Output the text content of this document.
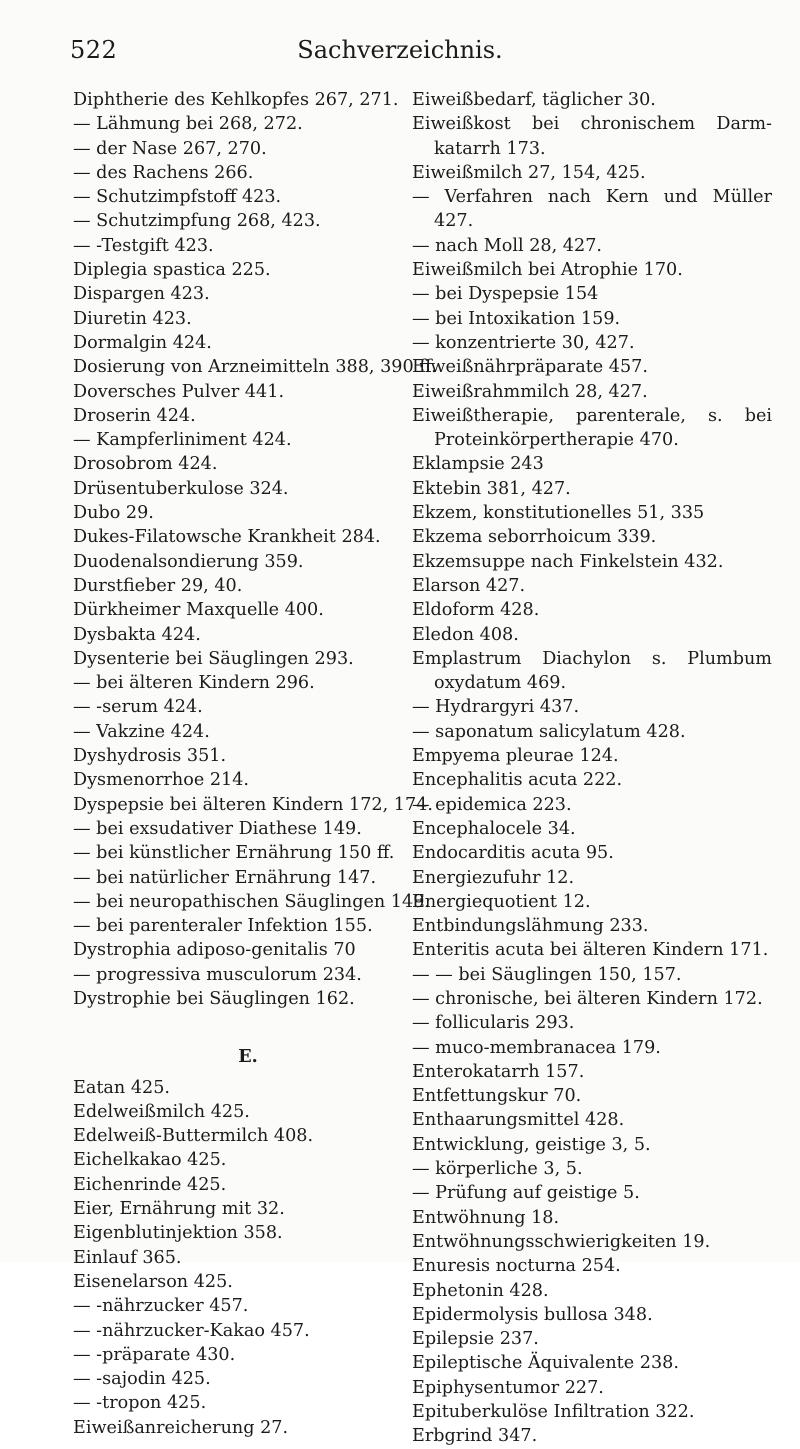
522	Sachverzeichnis.
Diphtherie des Kehlkopfes 267, 271.
— Lähmung bei 268, 272.
— der Nase 267, 270.
— des Rachens 266.
— Schutzimpfstoff 423.
— Schutzimpfung 268, 423.
— -Testgift 423.
Diplegia spastica 225.
Dispargen 423.
Diuretin 423.
Dormalgin 424.
Dosierung von Arzneimitteln 388, 390 ff.
Doversches Pulver 441.
Droserin 424.
— Kampferliniment 424.
Drosobrom 424.
Drüsentuberkulose 324.
Dubo 29.
Dukes-Filatowsche Krankheit 284.
Duodenalsondierung 359.
Durstfieber 29, 40.
Dürkheimer Maxquelle 400.
Dysbakta 424.
Dysenterie bei Säuglingen 293.
— bei älteren Kindern 296.
— -serum 424.
— Vakzine 424.
Dyshydrosis 351.
Dysmenorrhoe 214.
Dyspepsie bei älteren Kindern 172, 174.
— bei exsudativer Diathese 149.
— bei künstlicher Ernährung 150 ff.
— bei natürlicher Ernährung 147.
— bei neuropathischen Säuglingen 149.
— bei parenteraler Infektion 155.
Dystrophia adiposo-genitalis 70
— progressiva musculorum 234.
Dystrophie bei Säuglingen 162.
E.
Eatan 425.
Edelweißmilch 425.
Edelweiß-Buttermilch 408.
Eichelkakao 425.
Eichenrinde 425.
Eier, Ernährung mit 32.
Eigenblutinjektion 358.
Einlauf 365.
Eisenelarson 425.
— -nährzucker 457.
— -nährzucker-Kakao 457.
— -präparate 430.
— -sajodin 425.
— -tropon 425.
Eiweißanreicherung 27.
Eiweißbedarf, täglicher 30.
Eiweißkost bei chronischem Darm-
katarrh 173.
Eiweißmilch 27, 154, 425.
— Verfahren nach Kern und Müller
427.
— nach Moll 28, 427.
Eiweißmilch bei Atrophie 170.
— bei Dyspepsie 154
— bei Intoxikation 159.
— konzentrierte 30, 427.
Eiweißnährpräparate 457.
Eiweißrahmmilch 28, 427.
Eiweißtherapie, parenterale, s. bei
Proteinkörpertherapie 470.
Eklampsie 243
Ektebin 381, 427.
Ekzem, konstitutionelles 51, 335
Ekzema seborrhoicum 339.
Ekzemsuppe nach Finkelstein 432.
Elarson 427.
Eldoform 428.
Eledon 408.
Emplastrum Diachylon s. Plumbum
oxydatum 469.
— Hydrargyri 437.
— saponatum salicylatum 428.
Empyema pleurae 124.
Encephalitis acuta 222.
— epidemica 223.
Encephalocele 34.
Endocarditis acuta 95.
Energiezufuhr 12.
Energiequotient 12.
Entbindungslähmung 233.
Enteritis acuta bei älteren Kindern 171.
— — bei Säuglingen 150, 157.
— chronische, bei älteren Kindern 172.
— follicularis 293.
— muco-membranacea 179.
Enterokatarrh 157.
Entfettungskur 70.
Enthaarungsmittel 428.
Entwicklung, geistige 3, 5.
— körperliche 3, 5.
— Prüfung auf geistige 5.
Entwöhnung 18.
Entwöhnungsschwierigkeiten 19.
Enuresis nocturna 254.
Ephetonin 428.
Epidermolysis bullosa 348.
Epilepsie 237.
Epileptische Äquivalente 238.
Epiphysentumor 227.
Epituberkulöse Infiltration 322.
Erbgrind 347.
